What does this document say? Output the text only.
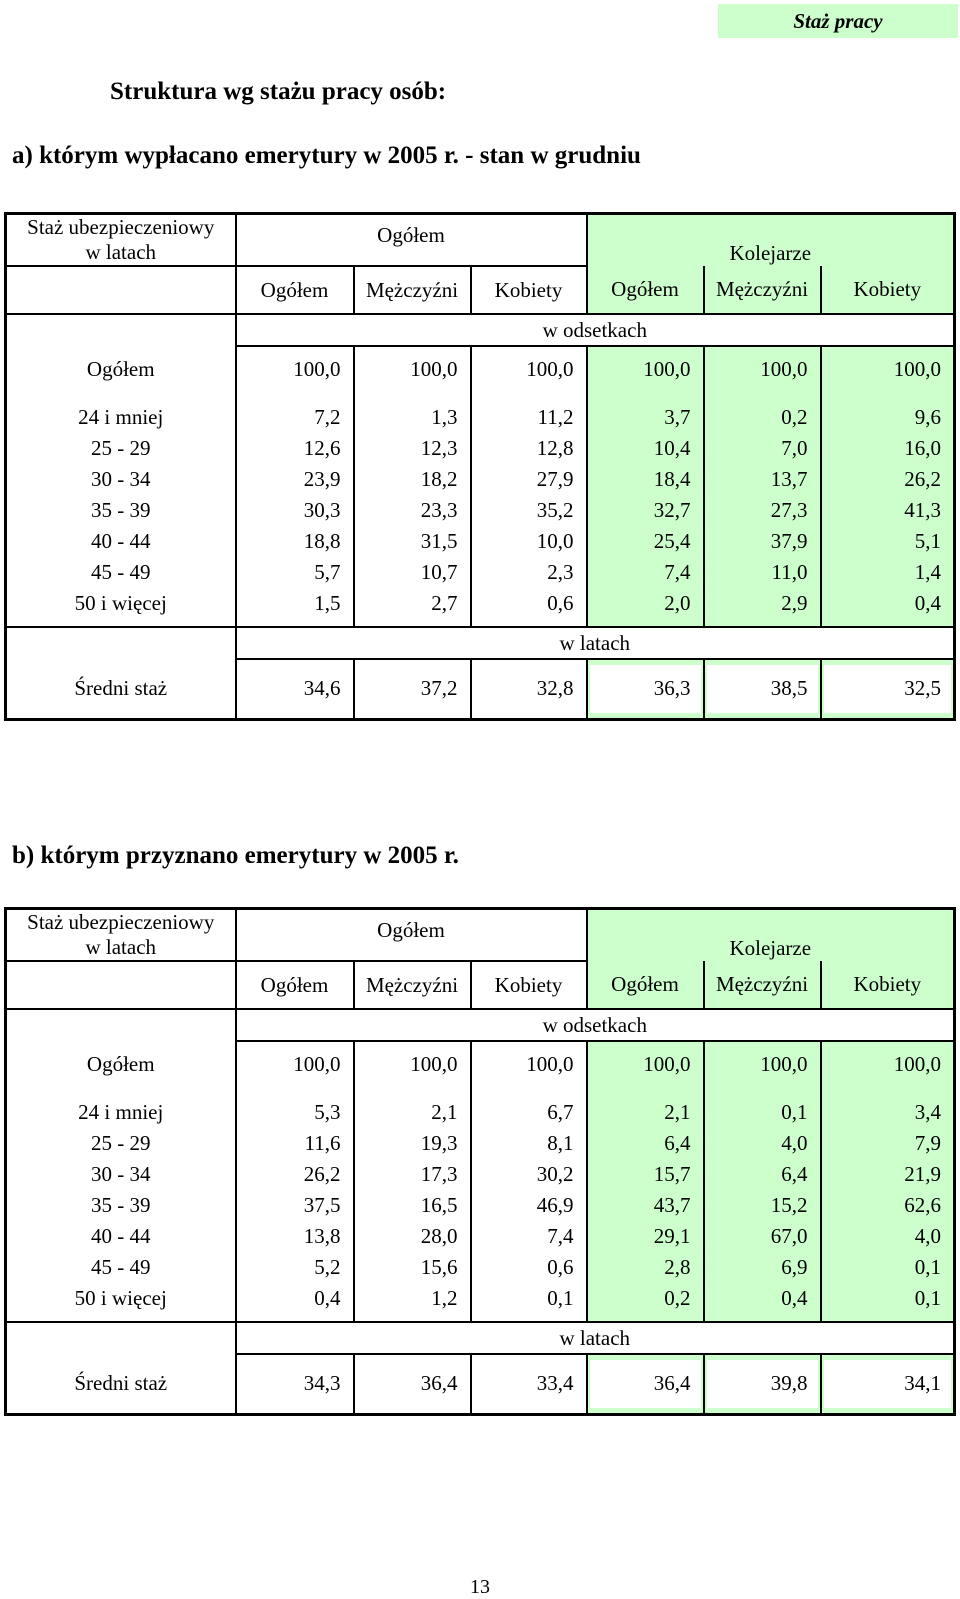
Staż pracy
Struktura wg stażu pracy osób:
a) którym wypłacano emerytury w 2005 r. - stan w grudniu
Staż ubezpieczeniowy
w latach	Ogółem			Kolejarze		

	Ogółem	Mężczyźni	Kobiety	Ogółem	Mężczyźni	Kobiety
	w odsetkach					
Ogółem	100,0	100,0	100,0	100,0	100,0	100,0

24 i mniej	7,2	1,3	11,2	3,7	0,2	9,6
25 - 29	12,6	12,3	12,8	10,4	7,0	16,0
30 - 34	23,9	18,2	27,9	18,4	13,7	26,2
35 - 39	30,3	23,3	35,2	32,7	27,3	41,3
40 - 44	18,8	31,5	10,0	25,4	37,9	5,1
45 - 49	5,7	10,7	2,3	7,4	11,0	1,4
50 i więcej	1,5	2,7	0,6	2,0	2,9	0,4

	w latach					
Średni staż	34,6	37,2	32,8	36,3	38,5	32,5
b) którym przyznano emerytury w 2005 r.
Staż ubezpieczeniowy
w latach	Ogółem			Kolejarze		

	Ogółem	Mężczyźni	Kobiety	Ogółem	Mężczyźni	Kobiety
	w odsetkach					
Ogółem	100,0	100,0	100,0	100,0	100,0	100,0

24 i mniej	5,3	2,1	6,7	2,1	0,1	3,4
25 - 29	11,6	19,3	8,1	6,4	4,0	7,9
30 - 34	26,2	17,3	30,2	15,7	6,4	21,9
35 - 39	37,5	16,5	46,9	43,7	15,2	62,6
40 - 44	13,8	28,0	7,4	29,1	67,0	4,0
45 - 49	5,2	15,6	0,6	2,8	6,9	0,1
50 i więcej	0,4	1,2	0,1	0,2	0,4	0,1

	w latach					
Średni staż	34,3	36,4	33,4	36,4	39,8	34,1
13
